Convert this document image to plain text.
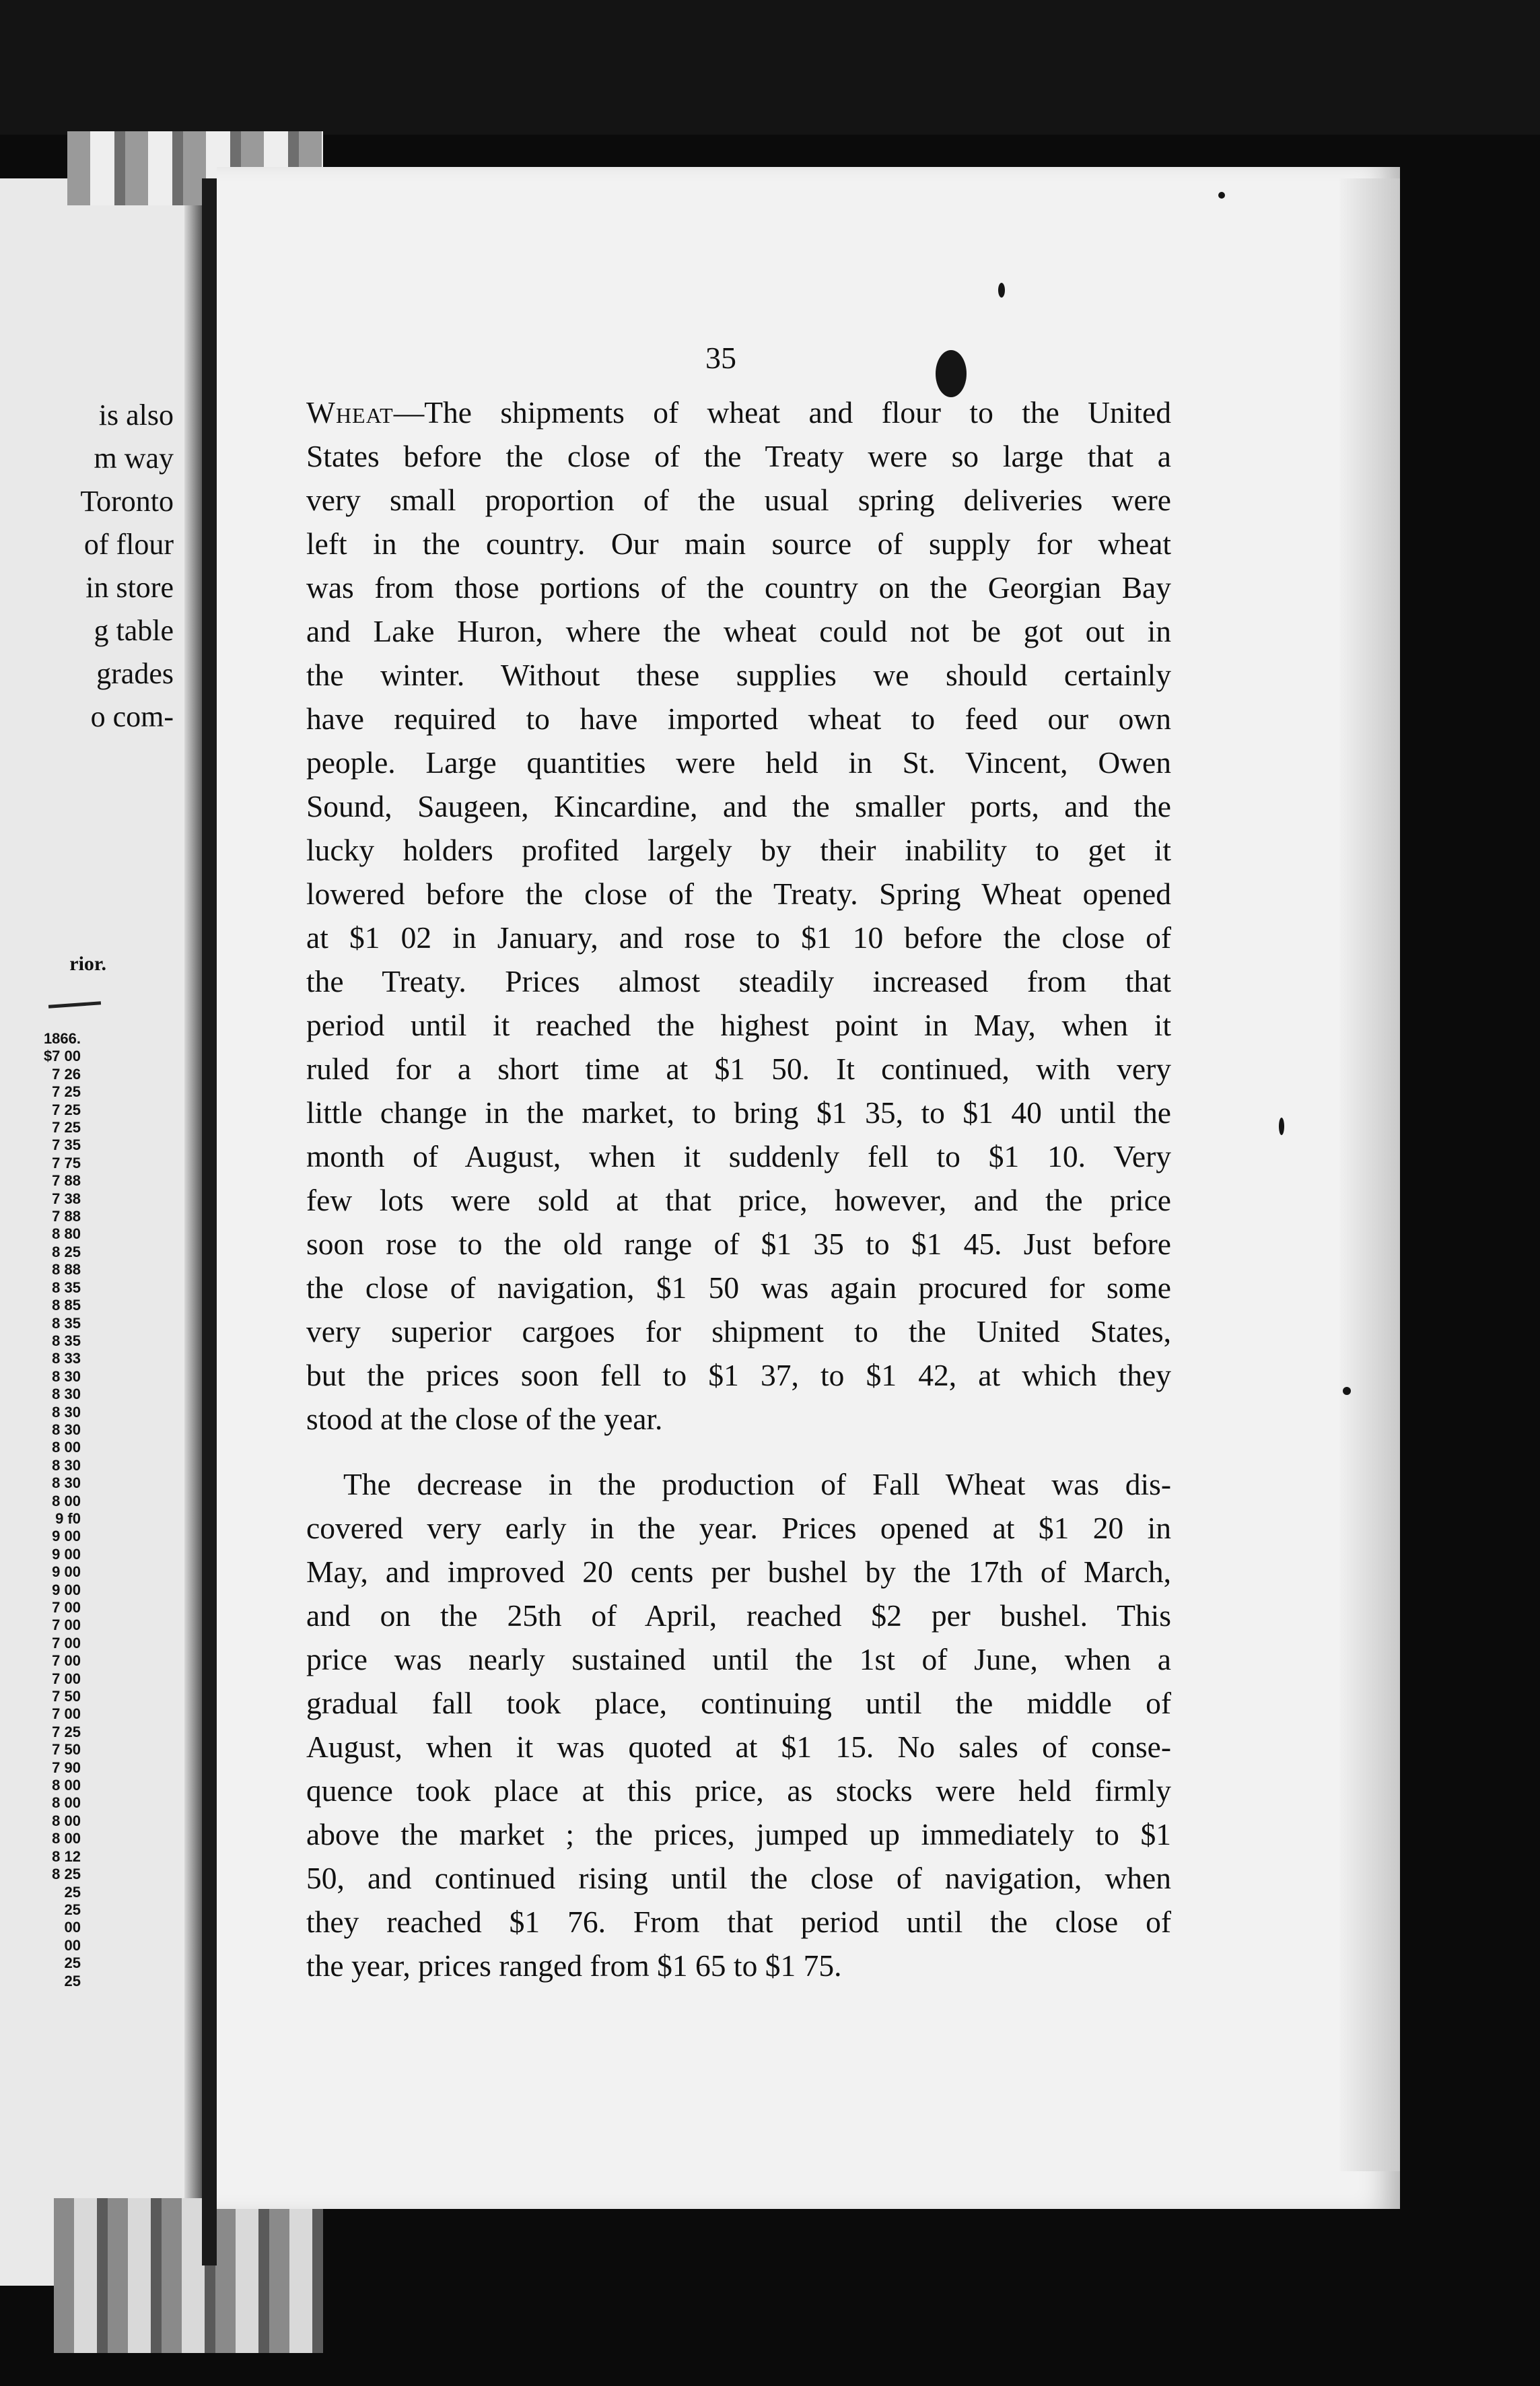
is also
m way
Toronto
of flour
in store
g table
grades
o com-
rior.
1866.
$7 00
7 26
7 25
7 25
7 25
7 35
7 75
7 88
7 38
7 88
8 80
8 25
8 88
8 35
8 85
8 35
8 35
8 33
8 30
8 30
8 30
8 30
8 00
8 30
8 30
8 00
9 f0
9 00
9 00
9 00
9 00
7 00
7 00
7 00
7 00
7 00
7 50
7 00
7 25
7 50
7 90
8 00
8 00
8 00
8 00
8 12
8 25
25
25
00
00
25
25
35
Wheat—The shipments of wheat and flour to the United
States before the close of the Treaty were so large that a
very small proportion of the usual spring deliveries were
left in the country. Our main source of supply for wheat
was from those portions of the country on the Georgian Bay
and Lake Huron, where the wheat could not be got out in
the winter. Without these supplies we should certainly
have required to have imported wheat to feed our own
people. Large quantities were held in St. Vincent, Owen
Sound, Saugeen, Kincardine, and the smaller ports, and the
lucky holders profited largely by their inability to get it
lowered before the close of the Treaty. Spring Wheat opened
at $1 02 in January, and rose to $1 10 before the close of
the Treaty. Prices almost steadily increased from that
period until it reached the highest point in May, when it
ruled for a short time at $1 50. It continued, with very
little change in the market, to bring $1 35, to $1 40 until the
month of August, when it suddenly fell to $1 10. Very
few lots were sold at that price, however, and the price
soon rose to the old range of $1 35 to $1 45. Just before
the close of navigation, $1 50 was again procured for some
very superior cargoes for shipment to the United States,
but the prices soon fell to $1 37, to $1 42, at which they
stood at the close of the year.
The decrease in the production of Fall Wheat was dis-
covered very early in the year. Prices opened at $1 20 in
May, and improved 20 cents per bushel by the 17th of March,
and on the 25th of April, reached $2 per bushel. This
price was nearly sustained until the 1st of June, when a
gradual fall took place, continuing until the middle of
August, when it was quoted at $1 15. No sales of conse-
quence took place at this price, as stocks were held firmly
above the market ; the prices, jumped up immediately to $1
50, and continued rising until the close of navigation, when
they reached $1 76. From that period until the close of
the year, prices ranged from $1 65 to $1 75.
